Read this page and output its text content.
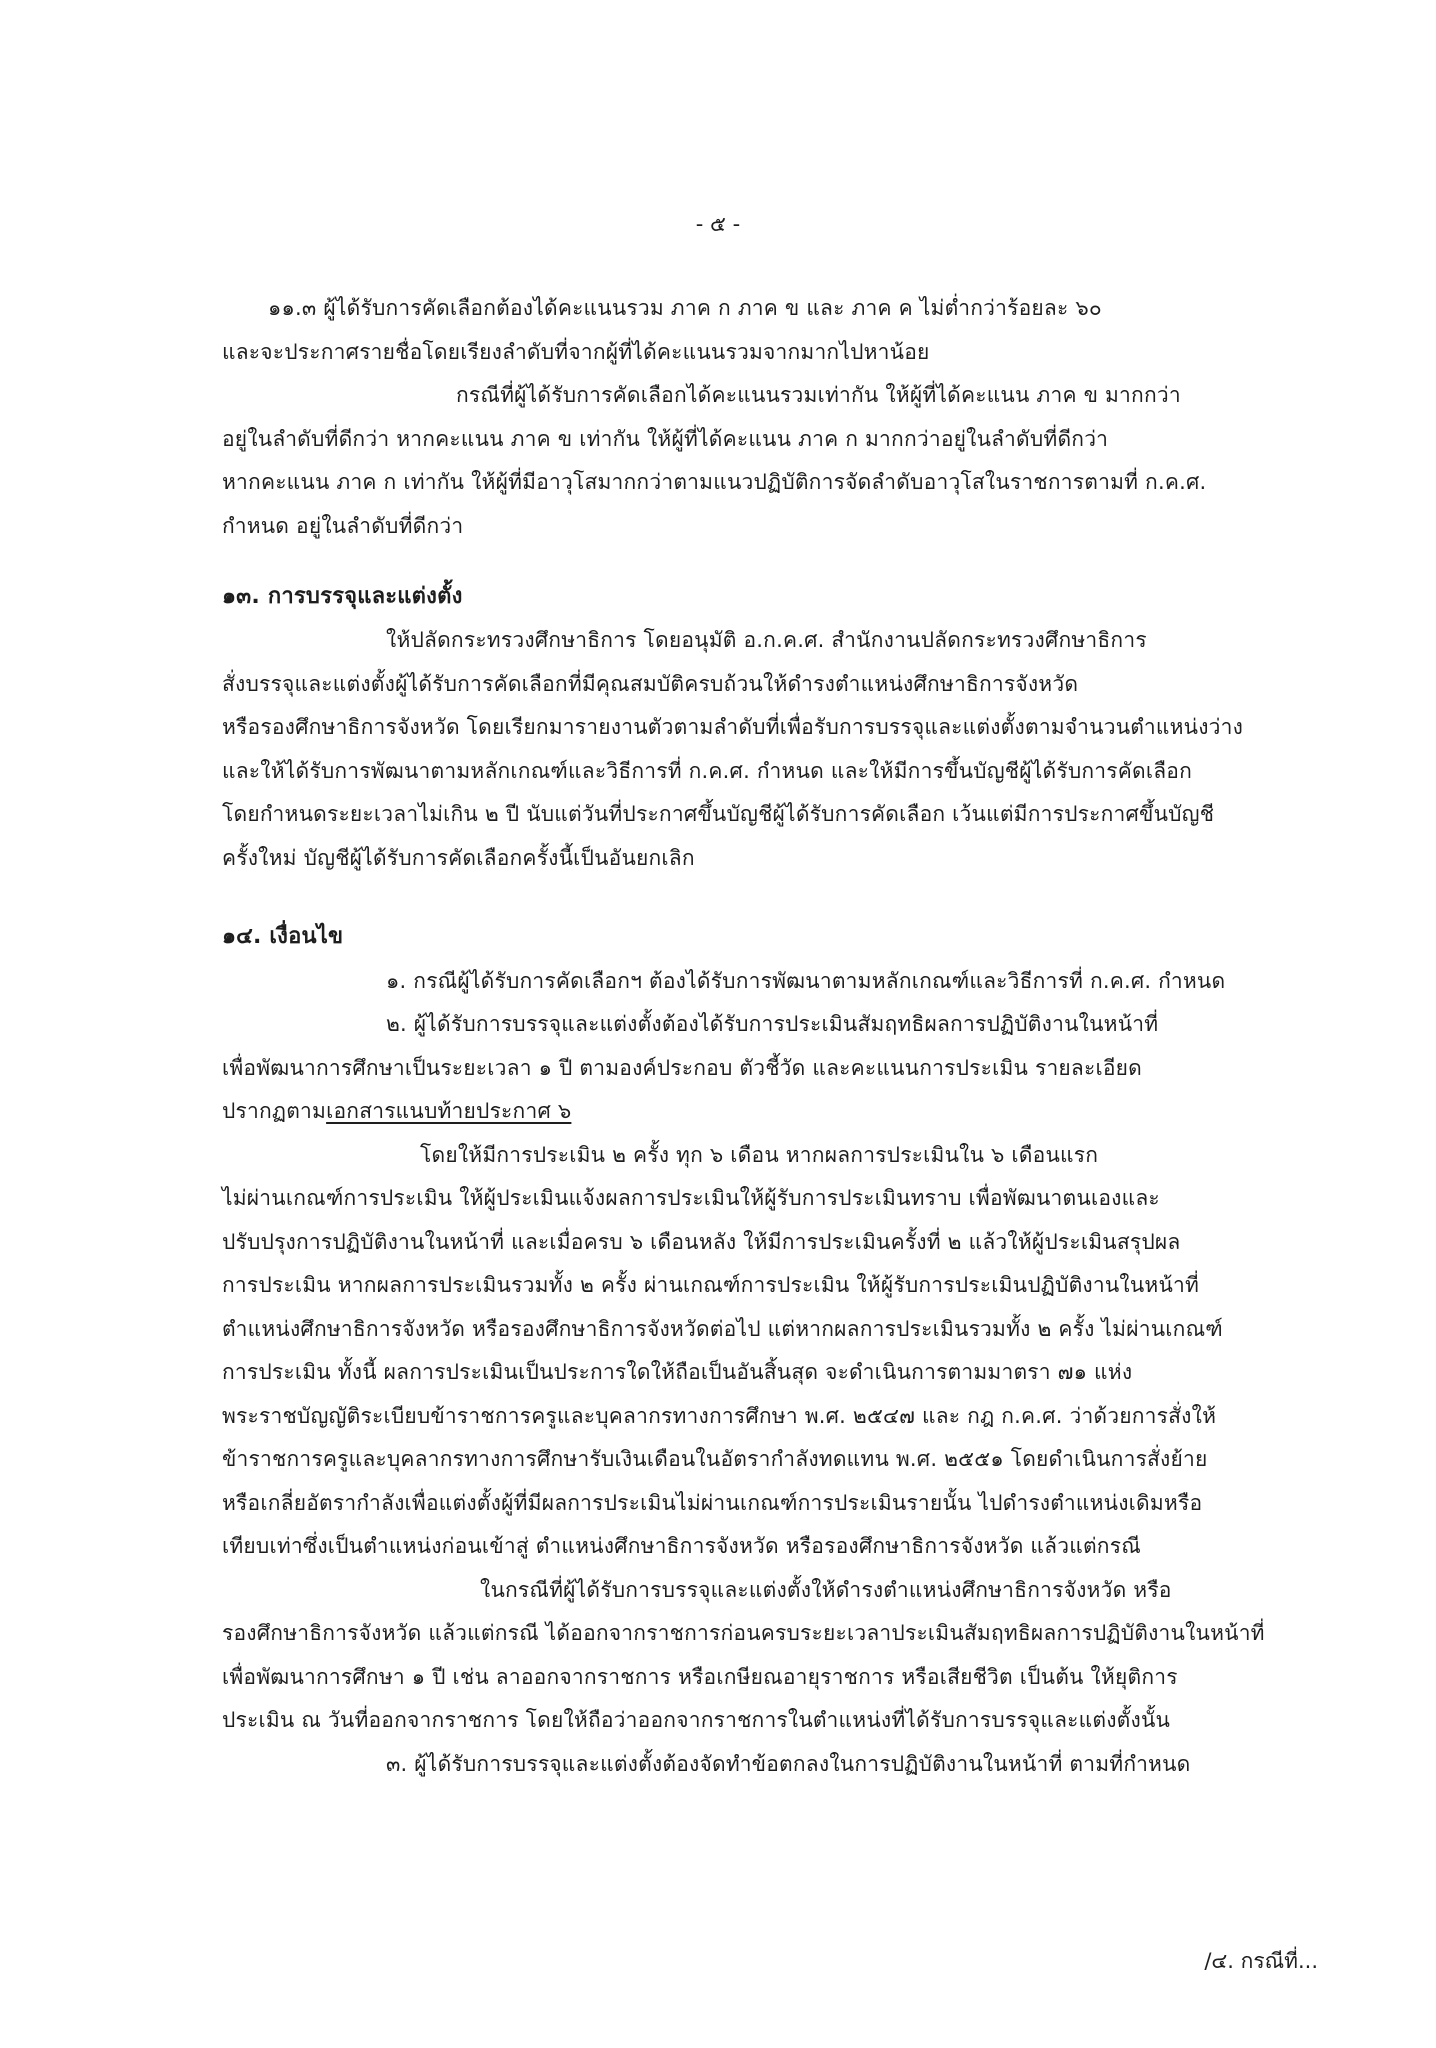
- ๕ -
๑๑.๓ ผู้ได้รับการคัดเลือกต้องได้คะแนนรวม ภาค ก ภาค ข และ ภาค ค ไม่ต่ำกว่าร้อยละ ๖๐
และจะประกาศรายชื่อโดยเรียงลำดับที่จากผู้ที่ได้คะแนนรวมจากมากไปหาน้อย
กรณีที่ผู้ได้รับการคัดเลือกได้คะแนนรวมเท่ากัน ให้ผู้ที่ได้คะแนน ภาค ข มากกว่า
อยู่ในลำดับที่ดีกว่า หากคะแนน ภาค ข เท่ากัน ให้ผู้ที่ได้คะแนน ภาค ก มากกว่าอยู่ในลำดับที่ดีกว่า
หากคะแนน ภาค ก เท่ากัน ให้ผู้ที่มีอาวุโสมากกว่าตามแนวปฏิบัติการจัดลำดับอาวุโสในราชการตามที่ ก.ค.ศ.
กำหนด อยู่ในลำดับที่ดีกว่า
๑๓. การบรรจุและแต่งตั้ง
ให้ปลัดกระทรวงศึกษาธิการ โดยอนุมัติ อ.ก.ค.ศ. สำนักงานปลัดกระทรวงศึกษาธิการ
สั่งบรรจุและแต่งตั้งผู้ได้รับการคัดเลือกที่มีคุณสมบัติครบถ้วนให้ดำรงตำแหน่งศึกษาธิการจังหวัด
หรือรองศึกษาธิการจังหวัด โดยเรียกมารายงานตัวตามลำดับที่เพื่อรับการบรรจุและแต่งตั้งตามจำนวนตำแหน่งว่าง
และให้ได้รับการพัฒนาตามหลักเกณฑ์และวิธีการที่ ก.ค.ศ. กำหนด และให้มีการขึ้นบัญชีผู้ได้รับการคัดเลือก
โดยกำหนดระยะเวลาไม่เกิน ๒ ปี นับแต่วันที่ประกาศขึ้นบัญชีผู้ได้รับการคัดเลือก เว้นแต่มีการประกาศขึ้นบัญชี
ครั้งใหม่ บัญชีผู้ได้รับการคัดเลือกครั้งนี้เป็นอันยกเลิก
๑๔. เงื่อนไข
๑. กรณีผู้ได้รับการคัดเลือกฯ ต้องได้รับการพัฒนาตามหลักเกณฑ์และวิธีการที่ ก.ค.ศ. กำหนด
๒. ผู้ได้รับการบรรจุและแต่งตั้งต้องได้รับการประเมินสัมฤทธิผลการปฏิบัติงานในหน้าที่
เพื่อพัฒนาการศึกษาเป็นระยะเวลา ๑ ปี ตามองค์ประกอบ ตัวชี้วัด และคะแนนการประเมิน รายละเอียด
ปรากฏตามเอกสารแนบท้ายประกาศ ๖
โดยให้มีการประเมิน ๒ ครั้ง ทุก ๖ เดือน หากผลการประเมินใน ๖ เดือนแรก
ไม่ผ่านเกณฑ์การประเมิน ให้ผู้ประเมินแจ้งผลการประเมินให้ผู้รับการประเมินทราบ เพื่อพัฒนาตนเองและ
ปรับปรุงการปฏิบัติงานในหน้าที่ และเมื่อครบ ๖ เดือนหลัง ให้มีการประเมินครั้งที่ ๒ แล้วให้ผู้ประเมินสรุปผล
การประเมิน หากผลการประเมินรวมทั้ง ๒ ครั้ง ผ่านเกณฑ์การประเมิน ให้ผู้รับการประเมินปฏิบัติงานในหน้าที่
ตำแหน่งศึกษาธิการจังหวัด หรือรองศึกษาธิการจังหวัดต่อไป แต่หากผลการประเมินรวมทั้ง ๒ ครั้ง ไม่ผ่านเกณฑ์
การประเมิน ทั้งนี้ ผลการประเมินเป็นประการใดให้ถือเป็นอันสิ้นสุด จะดำเนินการตามมาตรา ๗๑ แห่ง
พระราชบัญญัติระเบียบข้าราชการครูและบุคลากรทางการศึกษา พ.ศ. ๒๕๔๗ และ กฎ ก.ค.ศ. ว่าด้วยการสั่งให้
ข้าราชการครูและบุคลากรทางการศึกษารับเงินเดือนในอัตรากำลังทดแทน พ.ศ. ๒๕๕๑ โดยดำเนินการสั่งย้าย
หรือเกลี่ยอัตรากำลังเพื่อแต่งตั้งผู้ที่มีผลการประเมินไม่ผ่านเกณฑ์การประเมินรายนั้น ไปดำรงตำแหน่งเดิมหรือ
เทียบเท่าซึ่งเป็นตำแหน่งก่อนเข้าสู่ ตำแหน่งศึกษาธิการจังหวัด หรือรองศึกษาธิการจังหวัด แล้วแต่กรณี
ในกรณีที่ผู้ได้รับการบรรจุและแต่งตั้งให้ดำรงตำแหน่งศึกษาธิการจังหวัด หรือ
รองศึกษาธิการจังหวัด แล้วแต่กรณี ได้ออกจากราชการก่อนครบระยะเวลาประเมินสัมฤทธิผลการปฏิบัติงานในหน้าที่
เพื่อพัฒนาการศึกษา ๑ ปี เช่น ลาออกจากราชการ หรือเกษียณอายุราชการ หรือเสียชีวิต เป็นต้น ให้ยุติการ
ประเมิน ณ วันที่ออกจากราชการ โดยให้ถือว่าออกจากราชการในตำแหน่งที่ได้รับการบรรจุและแต่งตั้งนั้น
๓. ผู้ได้รับการบรรจุและแต่งตั้งต้องจัดทำข้อตกลงในการปฏิบัติงานในหน้าที่ ตามที่กำหนด
/๔. กรณีที่...
